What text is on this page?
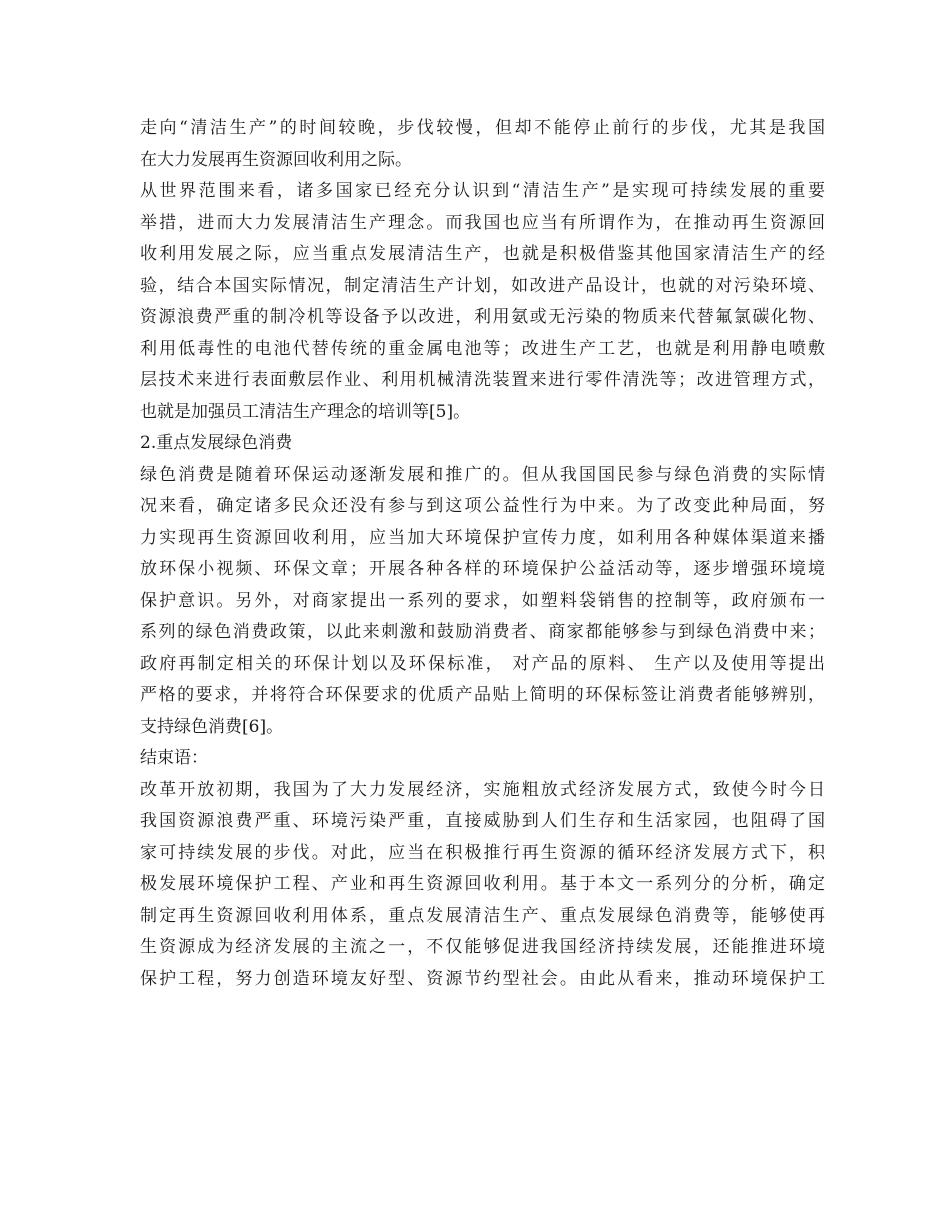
走向“清洁生产”的时间较晚，步伐较慢，但却不能停止前行的步伐，尤其是我国
在大力发展再生资源回收利用之际。
从世界范围来看，诸多国家已经充分认识到“清洁生产”是实现可持续发展的重要
举措，进而大力发展清洁生产理念。而我国也应当有所谓作为，在推动再生资源回
收利用发展之际，应当重点发展清洁生产，也就是积极借鉴其他国家清洁生产的经
验，结合本国实际情况，制定清洁生产计划，如改进产品设计，也就的对污染环境、
资源浪费严重的制冷机等设备予以改进，利用氨或无污染的物质来代替氟氯碳化物、
利用低毒性的电池代替传统的重金属电池等；改进生产工艺，也就是利用静电喷敷
层技术来进行表面敷层作业、利用机械清洗装置来进行零件清洗等；改进管理方式，
也就是加强员工清洁生产理念的培训等[5]。
2.重点发展绿色消费
绿色消费是随着环保运动逐渐发展和推广的。但从我国国民参与绿色消费的实际情
况来看，确定诸多民众还没有参与到这项公益性行为中来。为了改变此种局面，努
力实现再生资源回收利用，应当加大环境保护宣传力度，如利用各种媒体渠道来播
放环保小视频、环保文章；开展各种各样的环境保护公益活动等，逐步增强环境境
保护意识。另外，对商家提出一系列的要求，如塑料袋销售的控制等，政府颁布一
系列的绿色消费政策，以此来刺激和鼓励消费者、商家都能够参与到绿色消费中来；
政府再制定相关的环保计划以及环保标准， 对产品的原料、 生产以及使用等提出
严格的要求，并将符合环保要求的优质产品贴上简明的环保标签让消费者能够辨别，
支持绿色消费[6]。
结束语：
改革开放初期，我国为了大力发展经济，实施粗放式经济发展方式，致使今时今日
我国资源浪费严重、环境污染严重，直接威胁到人们生存和生活家园，也阻碍了国
家可持续发展的步伐。对此，应当在积极推行再生资源的循环经济发展方式下，积
极发展环境保护工程、产业和再生资源回收利用。基于本文一系列分的分析，确定
制定再生资源回收利用体系，重点发展清洁生产、重点发展绿色消费等，能够使再
生资源成为经济发展的主流之一，不仅能够促进我国经济持续发展，还能推进环境
保护工程，努力创造环境友好型、资源节约型社会。由此从看来，推动环境保护工
